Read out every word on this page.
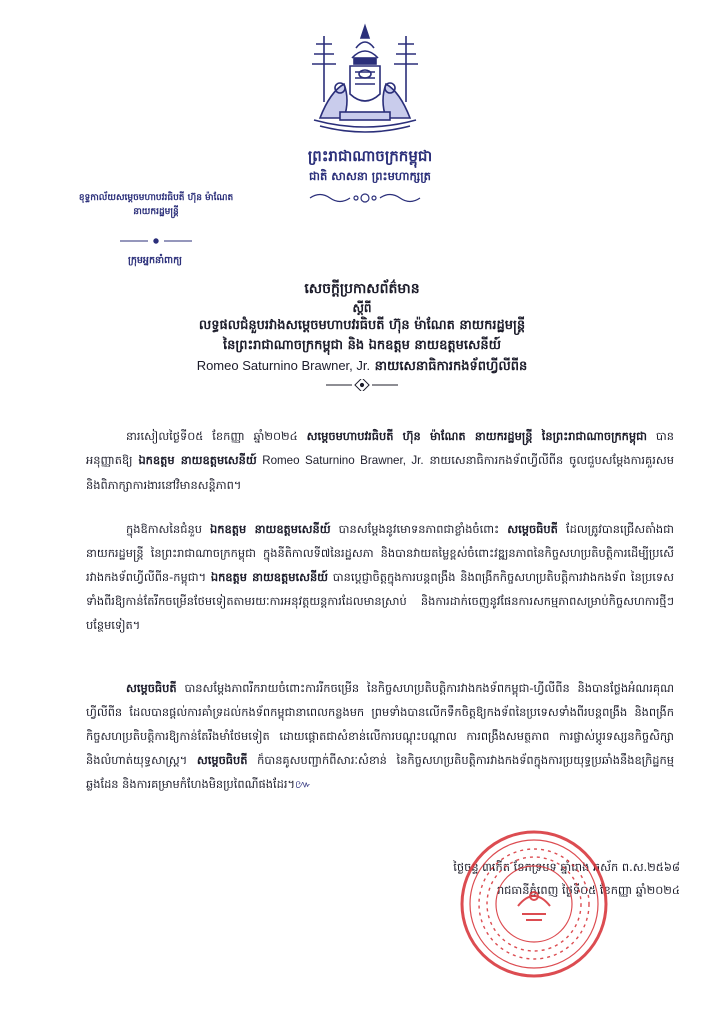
ព្រះរាជាណាចក្រកម្ពុជា
ជាតិ សាសនា ព្រះមហាក្សត្រ
ខុទ្ទកាល័យសម្តេចមហាបវរធិបតី ហ៊ុន ម៉ាណែត
នាយករដ្ឋមន្ត្រី
ក្រុមអ្នកនាំពាក្យ
សេចក្តីប្រកាសព័ត៌មាន
ស្តីពី
លទ្ធផលជំនួបរវាងសម្តេចមហាបវរធិបតី ហ៊ុន ម៉ាណែត នាយករដ្ឋមន្ត្រី
នៃព្រះរាជាណាចក្រកម្ពុជា និង ឯកឧត្តម នាយឧត្តមសេនីយ៍
Romeo Saturnino Brawner, Jr. នាយសេនាធិការកងទ័ពហ្វីលីពីន
នារសៀលថ្ងៃទី០៥ ខែកញ្ញា ឆ្នាំ២០២៤ សម្តេចមហាបវរធិបតី ហ៊ុន ម៉ាណែត នាយករដ្ឋមន្ត្រី នៃព្រះរាជាណាចក្រកម្ពុជា បានអនុញ្ញាតឱ្យ ឯកឧត្តម នាយឧត្តមសេនីយ៍ Romeo Saturnino Brawner, Jr. នាយសេនាធិការកងទ័ពហ្វីលីពីន ចូលជួបសម្តែងការគួរសម និងពិភាក្សាការងារនៅវិមានសន្តិភាព។
ក្នុងឱកាសនៃជំនួប ឯកឧត្តម នាយឧត្តមសេនីយ៍ បានសម្តែងនូវមោទនភាពជាខ្លាំងចំពោះ សម្តេចធិបតី ដែលត្រូវបានជ្រើសតាំងជានាយករដ្ឋមន្ត្រី នៃព្រះរាជាណាចក្រកម្ពុជា ក្នុងនីតិកាលទី៧នៃរដ្ឋសភា និងបានវាយតម្លៃខ្ពស់ចំពោះវឌ្ឍនភាពនៃកិច្ចសហប្រតិបត្តិការដើម្បីប្រសើរវាងកងទ័ពហ្វីលីពីន-កម្ពុជា។ ឯកឧត្តម នាយឧត្តមសេនីយ៍ បានប្តេជ្ញាចិត្តក្នុងការបន្តពង្រឹង និងពង្រីកកិច្ចសហប្រតិបត្តិការវាងកងទ័ព នៃប្រទេសទាំងពីរឱ្យកាន់តែរីកចម្រើនថែមទៀតតាមរយៈការអនុវត្តយន្តការដែលមានស្រាប់ និងការដាក់ចេញនូវផែនការសកម្មភាពសម្រាប់កិច្ចសហការថ្មីៗបន្ថែមទៀត។
សម្តេចធិបតី បានសម្តែងភាពរីករាយចំពោះការរីកចម្រើន នៃកិច្ចសហប្រតិបត្តិការវាងកងទ័ពកម្ពុជា-ហ្វីលីពីន និងបានថ្លែងអំណរគុណហ្វីលីពីន ដែលបានផ្តល់ការគាំទ្រដល់កងទ័ពកម្ពុជានាពេលកន្លងមក ព្រមទាំងបានលើកទឹកចិត្តឱ្យកងទ័ពនៃប្រទេសទាំងពីរបន្តពង្រឹង និងពង្រីកកិច្ចសហប្រតិបត្តិការឱ្យកាន់តែរឹងមាំថែមទៀត ដោយផ្តោតជាសំខាន់លើការបណ្តុះបណ្តាល ការពង្រឹងសមត្ថភាព ការផ្លាស់ប្តូរទស្សនកិច្ចសិក្សា និងលំហាត់យុទ្ធសាស្ត្រ។ សម្តេចធិបតី ក៏បានគូសបញ្ជាក់ពីសារៈសំខាន់ នៃកិច្ចសហប្រតិបត្តិការវាងកងទ័ពក្នុងការប្រយុទ្ធប្រឆាំងនឹងឧក្រិដ្ឋកម្មឆ្លងដែន និងការគម្រាមកំហែងមិនប្រពៃណីផងដែរ។៚
ថ្ងៃចន្ទ ៣កើត ខែភទ្របទ ឆ្នាំរោង ឆស័ក ព.ស.២៥៦៨
រាជធានីភ្នំពេញ ថ្ងៃទី០៥ ខែកញ្ញា ឆ្នាំ២០២៤
